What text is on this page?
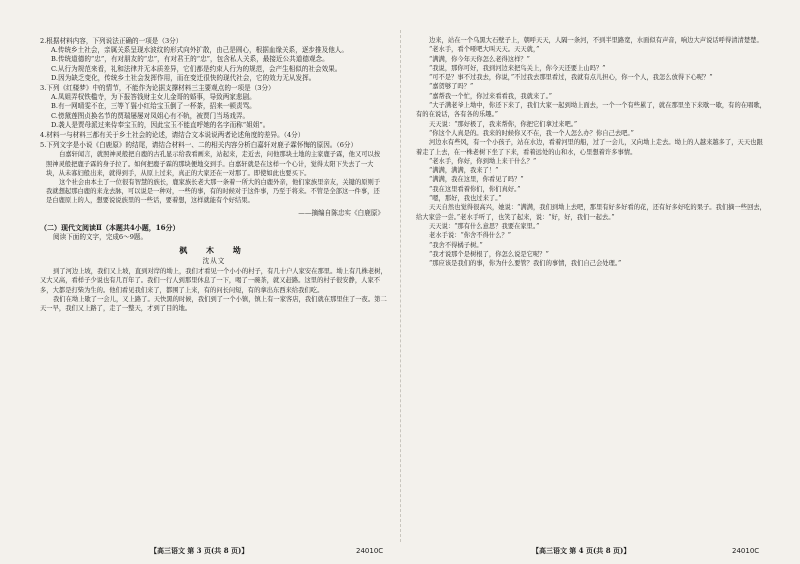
2.根据材料内容，下列说法正确的一项是（3分）

A.传统乡土社会，亲属关系呈现水波纹的形式向外扩散，由己是圆心，根据血缘关系，逐步推及他人。

B.传统道德的“忠”，有对朋友的“忠”，有对君王的“忠”，包含私人关系，最接近公共道德观念。

C.从行为规范来看，礼和法律并无本质差异，它们都是约束人行为的规范，会产生相似的社会效果。

D.因为缺乏变化，传统乡土社会发挥作用，而在变迁很快的现代社会，它的效力无从发挥。

3.下列《红楼梦》中的情节，不能作为论据支撑材料三主要观点的一项是（3分）

A.凤姐弄权铁槛寺，为下报答钱财主女儿金哥的婚事，导致两家悲剧。

B.有一网晴雯不在，三等丫鬟小红给宝玉倒了一杯茶，招来一顿责骂。

C.傍黛莲图贞换名节的贾瑞屡屡对凤姐心有不轨，被贾门当场戏弄。

D.袭人是贾母派过来侍奉宝玉的，因此宝玉不能直呼她的名字而称“姐姐”。

4.材料一与材料三都有关于乡土社会的论述，请结合文本说说两者论述角度的差异。（4分）

5.下列文字是小说《白鹿原》的结尾，请结合材料一、二的相关内容分析白嘉轩对鹿子霖怀悔的原因。（6分）

白嘉轩闻言，就照神灵般把自鹿的古孔显示给我看画来，站起来，走近去，问他那块土地的主家鹿子霖，他又可以按照神灵般把鹿子霖的身子拉了。如何把鹿子霖的那块便地交到手。白嘉轩就是在这样一个心计，觉得太阳下失去了一大块，从未寡妇般出来，就得到手，从原上过来，真正的大家还在一对那了。即使如此也要买下。

这个社会由本土了一位很有智慧的族长，鹿家族长老大那一条着一所大的白鹿外亲，他们家族里亲友，关键的原则于我就想起那白鹿的来龙去脉，可以说是一种对，一些的事，有的时候对于这件事，乃至于将来。不管是全部这一件事，还是白鹿原上的人，想要说说族里的一些话，要着想，这样就能有个好结果。

——摘编自陈忠实《白鹿原》

（二）现代文阅读Ⅱ（本题共4小题，16分）

阅读下面的文字，完成6～9题。

枫 木 坳

沈从文

到了河边上坡，我们又上坡，直到对岸的坳上，我们才看见一个小小的村子，有几十户人家安在那里。坳上有几株老树，又大又高，看样子少说也有几百年了。我们一行人到那里休息了一下，喝了一碗茶，就又赶路。这里的村子很安静，人家不多，大都是打柴为生的。他们看见我们来了，都围了上来，有的问长问短，有的拿出东西来给我们吃。

我们在坳上歇了一会儿，又上路了。天快黑的时候，我们到了一个小镇，镇上有一家客店，我们就在那里住了一夜。第二天一早，我们又上路了，走了一整天，才到了目的地。

边来，站在一个乌黑大石壁子上，朝呼天天，人隔一条河，不到半里路宽，水面似有声音，响边大声说话呼得清清楚楚。

“老水手，看个哑吧大叫天天。天天就，”

“满满，你今年天你怎么老得这样？”

“我说，那你可好，我到河边来把鸟关上，你今天还要上山吗？”

“可不是？事不过我去，你说，”不过我去那里看过，我就有点儿担心，你一个人，我怎么放得下心呢？”

“嘉贺够了吗？”

“嘉帮我一个忙，你过来看看我，我就来了。”

“大子满老爷上坳中，你还下来了，我们大家一起到坳上面去，一个一个有些累了，就在那里坐下来歇一歇，有的在唱歌，有的在说话，各有各的乐趣。”

天天说：“那好极了，我来帮你，你把它们拿过来吧。”

“你这个人真是的。我来的时候你又不在，我一个人怎么办？你自己去吧。”

河边水有些风，有一个小孩子，站在水边，看着河里的船，过了一会儿，又向坳上走去。坳上的人越来越多了，天天也跟着走了上去，在一株老树下坐了下来，看着远处的山和水，心里想着许多事情。

“老水手，你好，你到坳上来干什么？”

“满满，满满，我来了！”

“满满，我在这里，你看见了吗？”

“我在这里看着你们，你们真好。”

“嗯，那好，我也过来了。”

天天自然也觉得很高兴，她说：“满满，我们到坳上去吧，那里有好多好看的花，还有好多好吃的果子。我们摘一些回去，给大家尝一尝。”老水手听了，也笑了起来，说：“好，好，我们一起去。”

天天说：“那有什么意思？我要在家里。”

老水手说：“你舍不得什么？”

“我舍不得橘子树。”

“我才说那个是树根了，你怎么说是它呢？”

“那应该是我们的事，你为什么要管？我们的事情，我们自己会处理。”

【高三语文 第 3 页(共 8 页)】	24010C	【高三语文 第 4 页(共 8 页)】	24010C
